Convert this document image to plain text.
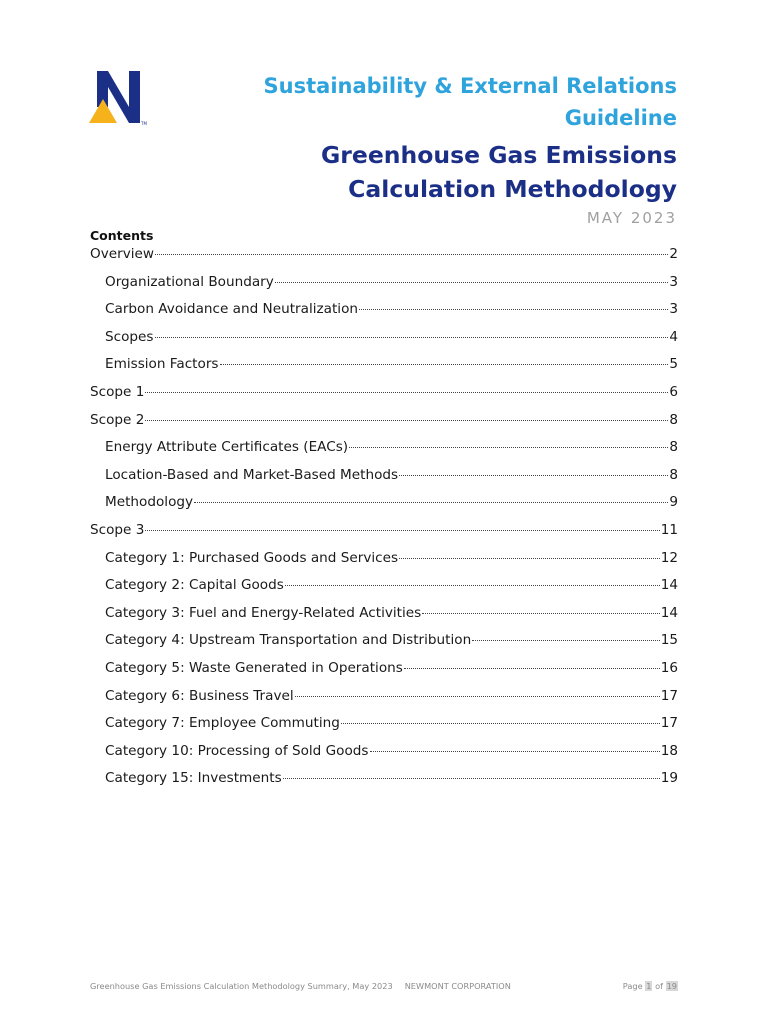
TM

Sustainability & External Relations
Guideline

Greenhouse Gas Emissions
Calculation Methodology

MAY 2023

Contents

Overview	2
Organizational Boundary	3
Carbon Avoidance and Neutralization	3
Scopes	4
Emission Factors	5
Scope 1	6
Scope 2	8
Energy Attribute Certificates (EACs)	8
Location-Based and Market-Based Methods	8
Methodology	9
Scope 3	11
Category 1: Purchased Goods and Services	12
Category 2: Capital Goods	14
Category 3: Fuel and Energy-Related Activities	14
Category 4: Upstream Transportation and Distribution	15
Category 5: Waste Generated in Operations	16
Category 6: Business Travel	17
Category 7: Employee Commuting	17
Category 10: Processing of Sold Goods	18
Category 15: Investments	19
Greenhouse Gas Emissions Calculation Methodology Summary, May 2023 NEWMONT CORPORATION	Page 1 of 19
